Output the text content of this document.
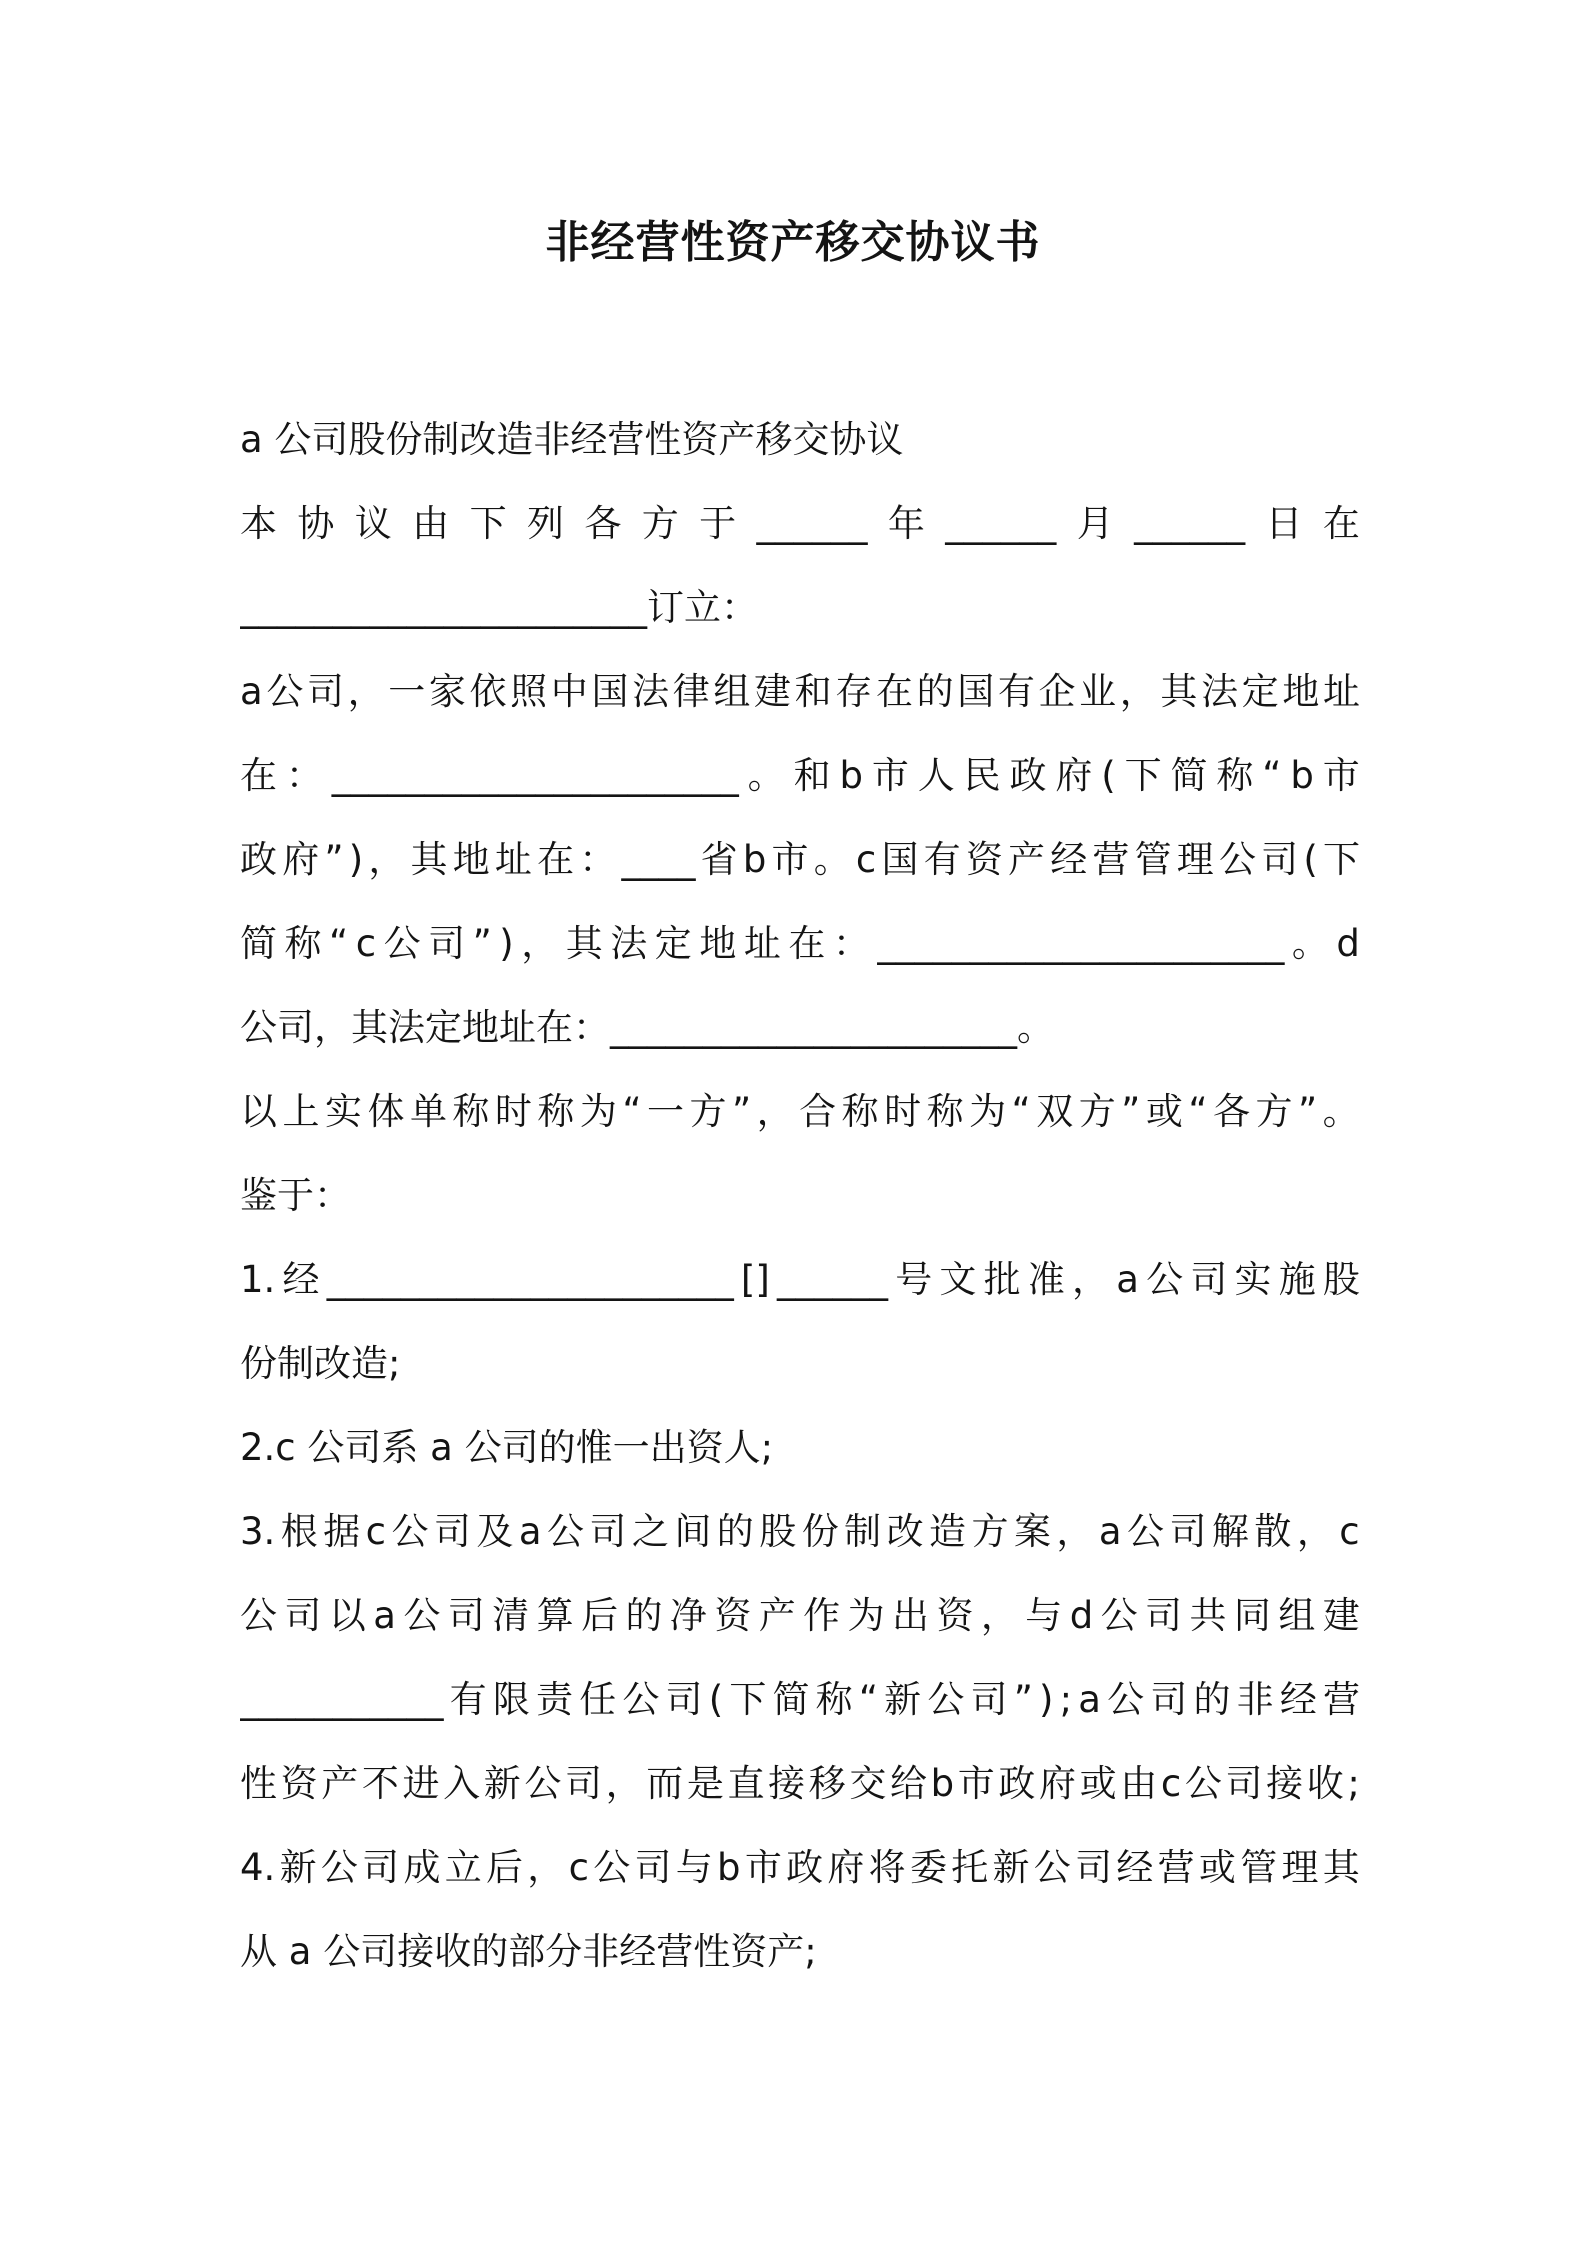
非经营性资产移交协议书
a 公司股份制改造非经营性资产移交协议
本 协 议 由 下 列 各 方 于 ______ 年 ______ 月 ______ 日 在
______________________订立：
a 公 司 ， 一 家 依 照 中 国 法 律 组 建 和 存 在 的 国 有 企 业 ， 其 法 定 地 址
在 ： ______________________ 。 和 b 市 人 民 政 府 ( 下 简 称 “ b 市
政 府 ” ) ， 其 地 址 在 ： ____ 省 b 市 。 c 国 有 资 产 经 营 管 理 公 司 ( 下
简 称 “ c 公 司 ” ) ， 其 法 定 地 址 在 ： ______________________ 。 d
公司，其法定地址在：______________________。
以 上 实 体 单 称 时 称 为 “ 一 方 ” ， 合 称 时 称 为 “ 双 方 ” 或 “ 各 方 ” 。
鉴于：
1. 经 ______________________ [] ______ 号 文 批 准 ， a 公 司 实 施 股
份制改造;
2.c 公司系 a 公司的惟一出资人;
3. 根 据 c 公 司 及 a 公 司 之 间 的 股 份 制 改 造 方 案 ， a 公 司 解 散 ， c
公 司 以 a 公 司 清 算 后 的 净 资 产 作 为 出 资 ， 与 d 公 司 共 同 组 建
___________ 有 限 责 任 公 司 ( 下 简 称 “ 新 公 司 ” ) ; a 公 司 的 非 经 营
性 资 产 不 进 入 新 公 司 ， 而 是 直 接 移 交 给 b 市 政 府 或 由 c 公 司 接 收 ;
4. 新 公 司 成 立 后 ， c 公 司 与 b 市 政 府 将 委 托 新 公 司 经 营 或 管 理 其
从 a 公司接收的部分非经营性资产;
